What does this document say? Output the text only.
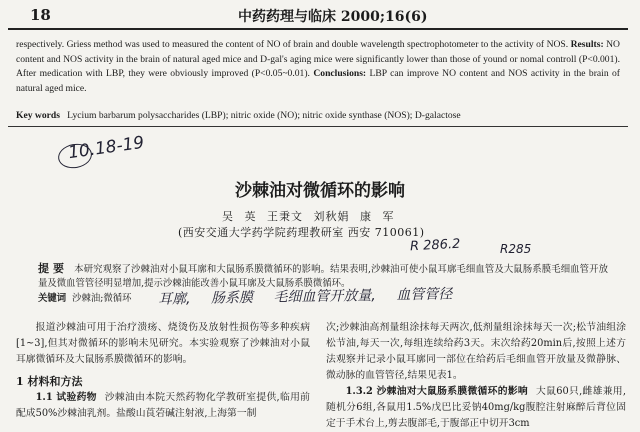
18	中药药理与临床 2000;16(6)
respectively. Griess method was used to measured the content of NO of brain and double wavelength spectrophotometer to the activity of NOS. Results: NO content and NOS activity in the brain of natural aged mice and D-gal's aging mice were significantly lower than those of yound or nomal controll (P<0.001). After medication with LBP, they were obviously improved (P<0.05~0.01). Conclusions: LBP can improve NO content and NOS activity in the brain of natural aged mice.
Key words Lycium barbarum polysaccharides (LBP); nitric oxide (NO); nitric oxide synthase (NOS); D-galactose
10.18-19
沙棘油对微循环的影响
吴 英 王秉文 刘秋娟 康 军
(西安交通大学药学院药理教研室 西安 710061)
R 286.2	R285
提 要 本研究观察了沙棘油对小鼠耳廓和大鼠肠系膜微循环的影响。结果表明,沙棘油可使小鼠耳廓毛细血管及大鼠肠系膜毛细血管开放量及微血管管径明显增加,提示沙棘油能改善小鼠耳廓及大鼠肠系膜微循环。
关键词 沙棘油;微循环 耳廓, 肠系膜 毛细血管开放量, 血管管径

报道沙棘油可用于治疗溃疡、烧烫伤及放射性损伤等多种疾病[1~3],但其对微循环的影响未见研究。本实验观察了沙棘油对小鼠耳廓微循环及大鼠肠系膜微循环的影响。

1 材料和方法

1.1 试验药物 沙棘油由本院天然药物化学教研室提供,临用前配成50%沙棘油乳剂。盐酸山莨菪碱注射液,上海第一制

次;沙棘油高剂量组涂抹每天两次,低剂量组涂抹每天一次;松节油组涂松节油,每天一次,每组连续给药3天。末次给药20min后,按照上述方法观察并记录小鼠耳廓同一部位在给药后毛细血管开放量及微静脉、微动脉的血管管径,结果见表1。

1.3.2 沙棘油对大鼠肠系膜微循环的影响 大鼠60只,雌雄兼用,随机分6组,各鼠用1.5%戊巴比妥钠40mg/kg腹腔注射麻醉后背位固定于手术台上,剪去腹部毛,于腹部正中切开3cm
